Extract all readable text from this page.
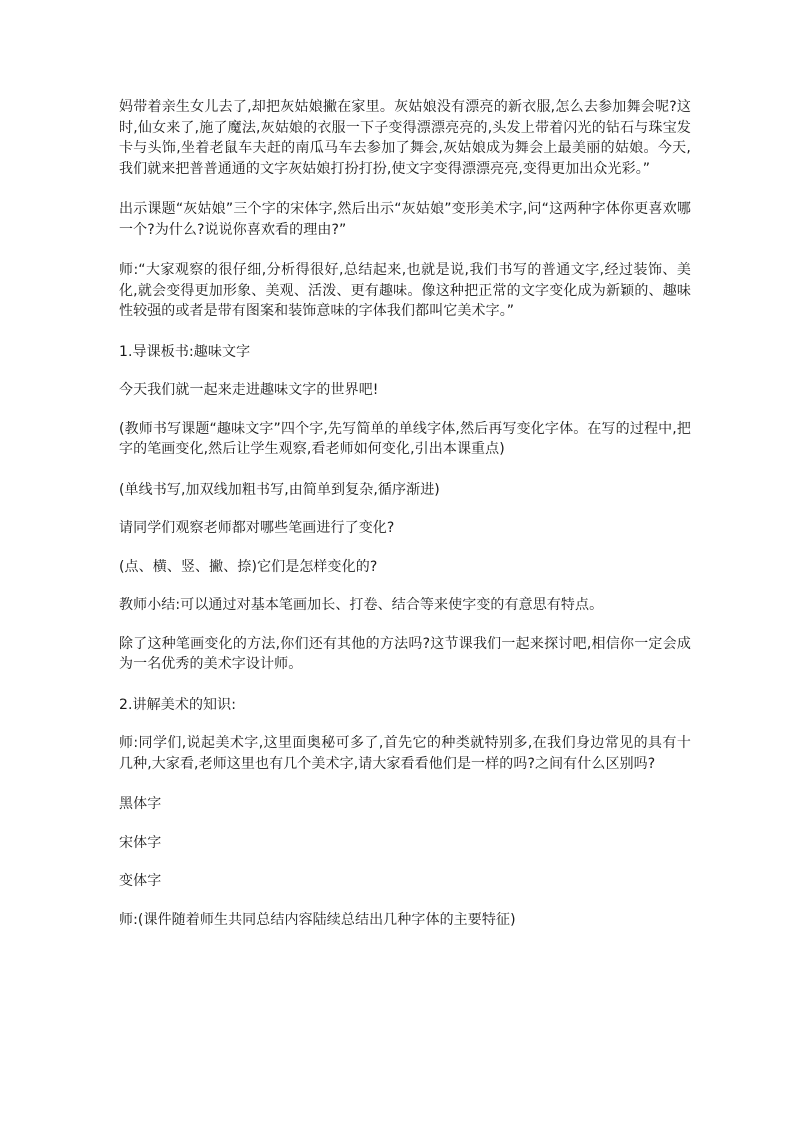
妈带着亲生女儿去了,却把灰姑娘撇在家里。灰姑娘没有漂亮的新衣服,怎么去参加舞会呢?这时,仙女来了,施了魔法,灰姑娘的衣服一下子变得漂漂亮亮的,头发上带着闪光的钻石与珠宝发卡与头饰,坐着老鼠车夫赶的南瓜马车去参加了舞会,灰姑娘成为舞会上最美丽的姑娘。今天,我们就来把普普通通的文字灰姑娘打扮打扮,使文字变得漂漂亮亮,变得更加出众光彩。”

出示课题“灰姑娘”三个字的宋体字,然后出示“灰姑娘”变形美术字,问“这两种字体你更喜欢哪一个?为什么?说说你喜欢看的理由?”

师:“大家观察的很仔细,分析得很好,总结起来,也就是说,我们书写的普通文字,经过装饰、美化,就会变得更加形象、美观、活泼、更有趣味。像这种把正常的文字变化成为新颖的、趣味性较强的或者是带有图案和装饰意味的字体我们都叫它美术字。”

1.导课板书:趣味文字

今天我们就一起来走进趣味文字的世界吧!

(教师书写课题“趣味文字”四个字,先写简单的单线字体,然后再写变化字体。在写的过程中,把字的笔画变化,然后让学生观察,看老师如何变化,引出本课重点)

(单线书写,加双线加粗书写,由简单到复杂,循序渐进)

请同学们观察老师都对哪些笔画进行了变化?

(点、横、竖、撇、捺)它们是怎样变化的?

教师小结:可以通过对基本笔画加长、打卷、结合等来使字变的有意思有特点。

除了这种笔画变化的方法,你们还有其他的方法吗?这节课我们一起来探讨吧,相信你一定会成为一名优秀的美术字设计师。

2.讲解美术的知识:

师:同学们,说起美术字,这里面奥秘可多了,首先它的种类就特别多,在我们身边常见的具有十几种,大家看,老师这里也有几个美术字,请大家看看他们是一样的吗?之间有什么区别吗?

黑体字

宋体字

变体字

师:(课件随着师生共同总结内容陆续总结出几种字体的主要特征)
